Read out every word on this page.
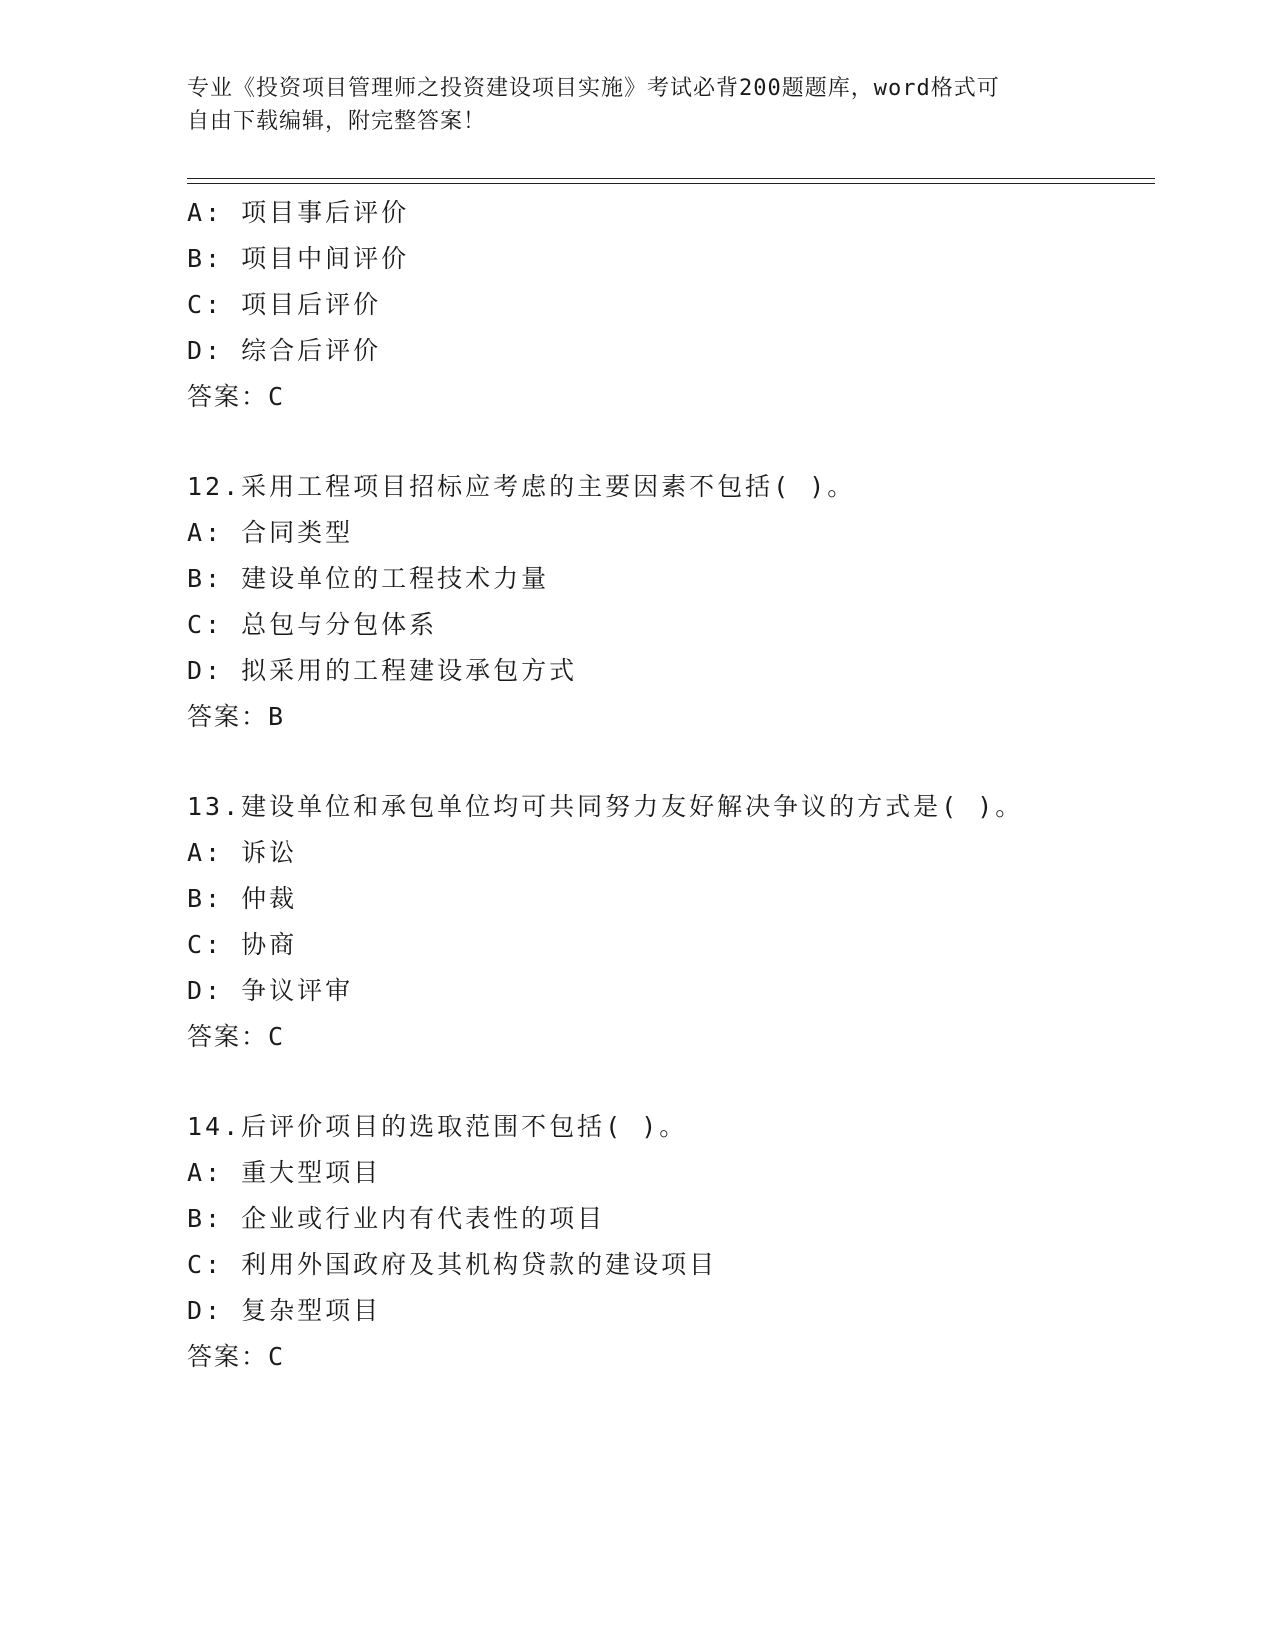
专业《投资项目管理师之投资建设项目实施》考试必背200题题库，word格式可
自由下载编辑，附完整答案！
A: 项目事后评价
B: 项目中间评价
C: 项目后评价
D: 综合后评价
答案：C
12.采用工程项目招标应考虑的主要因素不包括( )。
A: 合同类型
B: 建设单位的工程技术力量
C: 总包与分包体系
D: 拟采用的工程建设承包方式
答案：B
13.建设单位和承包单位均可共同努力友好解决争议的方式是( )。
A: 诉讼
B: 仲裁
C: 协商
D: 争议评审
答案：C
14.后评价项目的选取范围不包括( )。
A: 重大型项目
B: 企业或行业内有代表性的项目
C: 利用外国政府及其机构贷款的建设项目
D: 复杂型项目
答案：C
